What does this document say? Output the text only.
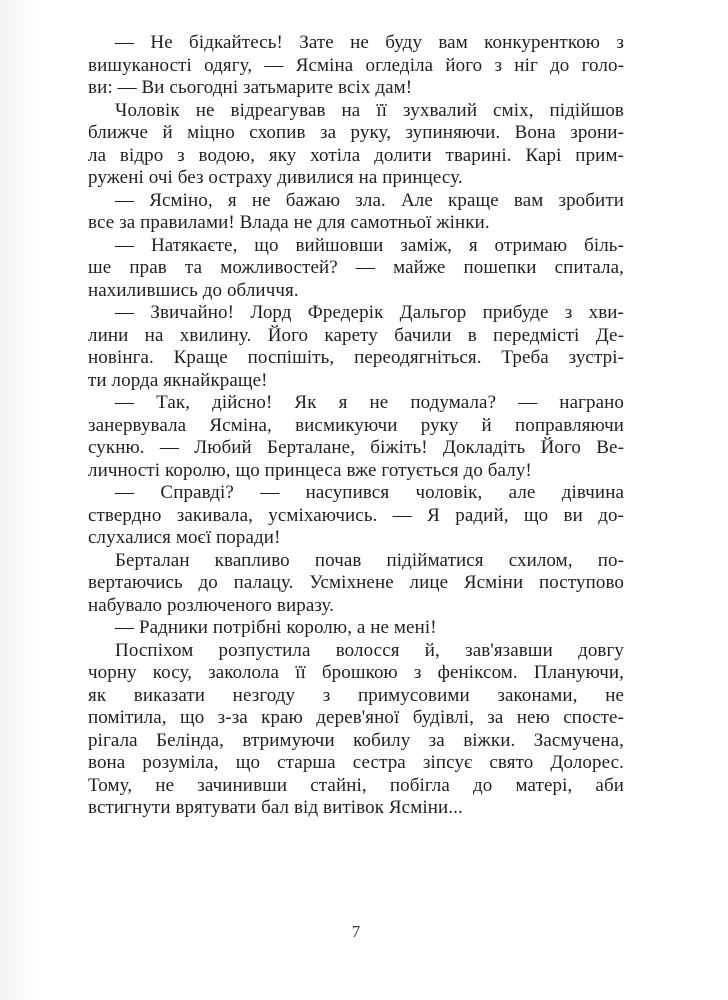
— Не бідкайтесь! Зате не буду вам конкуренткою з
вишуканості одягу, — Ясміна огледіла його з ніг до голо-
ви: — Ви сьогодні затьмарите всіх дам!
Чоловік не відреагував на її зухвалий сміх, підійшов
ближче й міцно схопив за руку, зупиняючи. Вона зрони-
ла відро з водою, яку хотіла долити тварині. Карі прим-
ружені очі без остраху дивилися на принцесу.
— Ясміно, я не бажаю зла. Але краще вам зробити
все за правилами! Влада не для самотньої жінки.
— Натякаєте, що вийшовши заміж, я отримаю біль-
ше прав та можливостей? — майже пошепки спитала,
нахилившись до обличчя.
— Звичайно! Лорд Фредерік Дальгор прибуде з хви-
лини на хвилину. Його карету бачили в передмісті Де-
новінга. Краще поспішіть, переодягніться. Треба зустрі-
ти лорда якнайкраще!
— Так, дійсно! Як я не подумала? — награно
занервувала Ясміна, висмикуючи руку й поправляючи
сукню. — Любий Берталане, біжіть! Докладіть Його Ве-
личності королю, що принцеса вже готується до балу!
— Справді? — насупився чоловік, але дівчина
ствердно закивала, усміхаючись. — Я радий, що ви до-
слухалися моєї поради!
Берталан квапливо почав підійматися схилом, по-
вертаючись до палацу. Усміхнене лице Ясміни поступово
набувало розлюченого виразу.
— Радники потрібні королю, а не мені!
Поспіхом розпустила волосся й, зав'язавши довгу
чорну косу, заколола її брошкою з феніксом. Плануючи,
як виказати незгоду з примусовими законами, не
помітила, що з-за краю дерев'яної будівлі, за нею спосте-
рігала Белінда, втримуючи кобилу за віжки. Засмучена,
вона розуміла, що старша сестра зіпсує свято Долорес.
Тому, не зачинивши стайні, побігла до матері, аби
встигнути врятувати бал від витівок Ясміни...
7
